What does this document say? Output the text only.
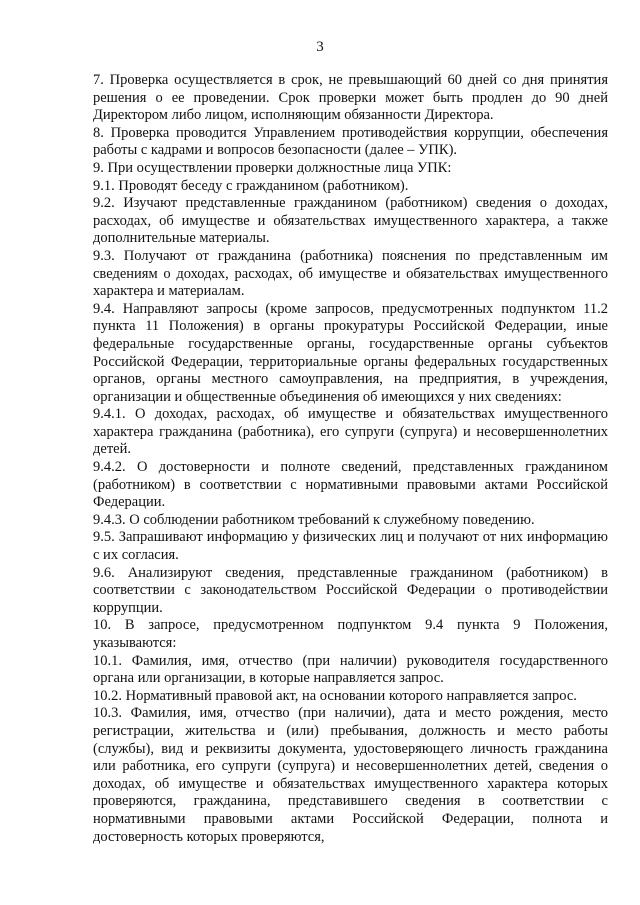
3

7. Проверка осуществляется в срок, не превышающий 60 дней со дня принятия решения о ее проведении. Срок проверки может быть продлен до 90 дней Директором либо лицом, исполняющим обязанности Директора.

8. Проверка проводится Управлением противодействия коррупции, обеспечения работы с кадрами и вопросов безопасности (далее – УПК).

9. При осуществлении проверки должностные лица УПК:

9.1. Проводят беседу с гражданином (работником).

9.2. Изучают представленные гражданином (работником) сведения о доходах, расходах, об имуществе и обязательствах имущественного характера, а также дополнительные материалы.

9.3. Получают от гражданина (работника) пояснения по представленным им сведениям о доходах, расходах, об имуществе и обязательствах имущественного характера и материалам.

9.4. Направляют запросы (кроме запросов, предусмотренных подпунктом 11.2 пункта 11 Положения) в органы прокуратуры Российской Федерации, иные федеральные государственные органы, государственные органы субъектов Российской Федерации, территориальные органы федеральных государственных органов, органы местного самоуправления, на предприятия, в учреждения, организации и общественные объединения об имеющихся у них сведениях:

9.4.1. О доходах, расходах, об имуществе и обязательствах имущественного характера гражданина (работника), его супруги (супруга) и несовершеннолетних детей.

9.4.2. О достоверности и полноте сведений, представленных гражданином (работником) в соответствии с нормативными правовыми актами Российской Федерации.

9.4.3. О соблюдении работником требований к служебному поведению.

9.5. Запрашивают информацию у физических лиц и получают от них информацию с их согласия.

9.6. Анализируют сведения, представленные гражданином (работником) в соответствии с законодательством Российской Федерации о противодействии коррупции.

10. В запросе, предусмотренном подпунктом 9.4 пункта 9 Положения, указываются:

10.1. Фамилия, имя, отчество (при наличии) руководителя государственного органа или организации, в которые направляется запрос.

10.2. Нормативный правовой акт, на основании которого направляется запрос.

10.3. Фамилия, имя, отчество (при наличии), дата и место рождения, место регистрации, жительства и (или) пребывания, должность и место работы (службы), вид и реквизиты документа, удостоверяющего личность гражданина или работника, его супруги (супруга) и несовершеннолетних детей, сведения о доходах, об имуществе и обязательствах имущественного характера которых проверяются, гражданина, представившего сведения в соответствии с нормативными правовыми актами Российской Федерации, полнота и достоверность которых проверяются,
